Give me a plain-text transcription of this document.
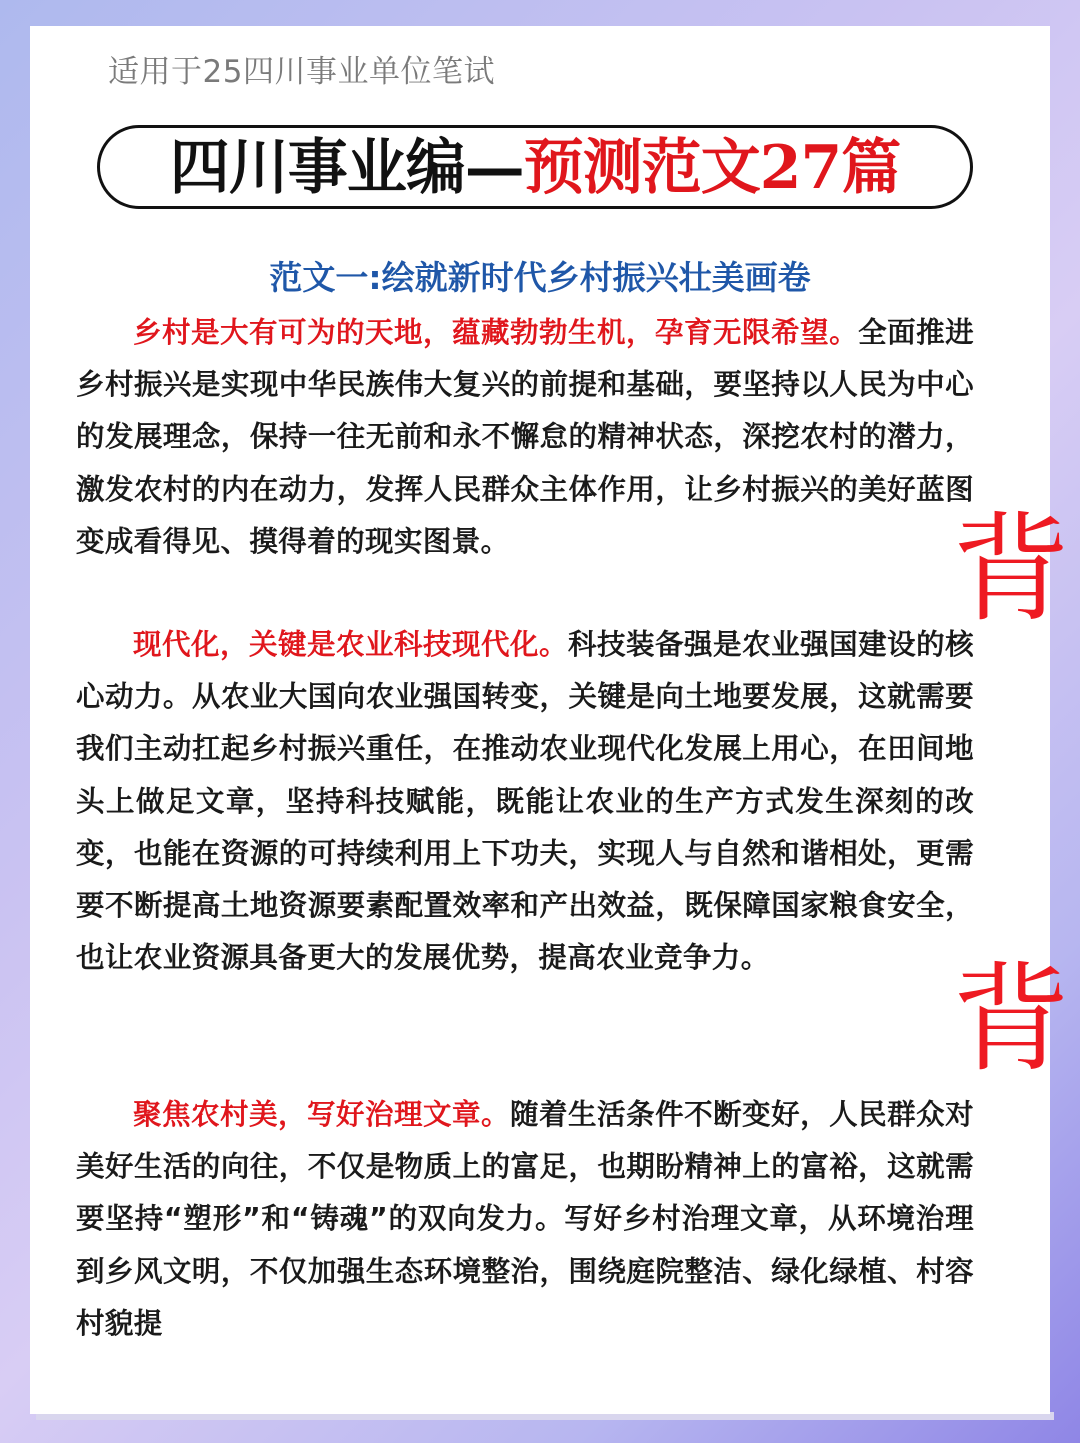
适用于25四川事业单位笔试
四川事业编—预测范文27篇
范文一:绘就新时代乡村振兴壮美画卷

乡村是大有可为的天地，蕴藏勃勃生机，孕育无限希望。全面推进乡村振兴是实现中华民族伟大复兴的前提和基础，要坚持以人民为中心的发展理念，保持一往无前和永不懈怠的精神状态，深挖农村的潜力，激发农村的内在动力，发挥人民群众主体作用，让乡村振兴的美好蓝图变成看得见、摸得着的现实图景。

现代化，关键是农业科技现代化。科技装备强是农业强国建设的核心动力。从农业大国向农业强国转变，关键是向土地要发展，这就需要我们主动扛起乡村振兴重任，在推动农业现代化发展上用心，在田间地头上做足文章，坚持科技赋能，既能让农业的生产方式发生深刻的改变，也能在资源的可持续利用上下功夫，实现人与自然和谐相处，更需要不断提高土地资源要素配置效率和产出效益，既保障国家粮食安全，也让农业资源具备更大的发展优势，提高农业竞争力。

聚焦农村美，写好治理文章。随着生活条件不断变好，人民群众对美好生活的向往，不仅是物质上的富足，也期盼精神上的富裕，这就需要坚持“塑形”和“铸魂”的双向发力。写好乡村治理文章，从环境治理到乡风文明，不仅加强生态环境整治，围绕庭院整洁、绿化绿植、村容村貌提

背
背
